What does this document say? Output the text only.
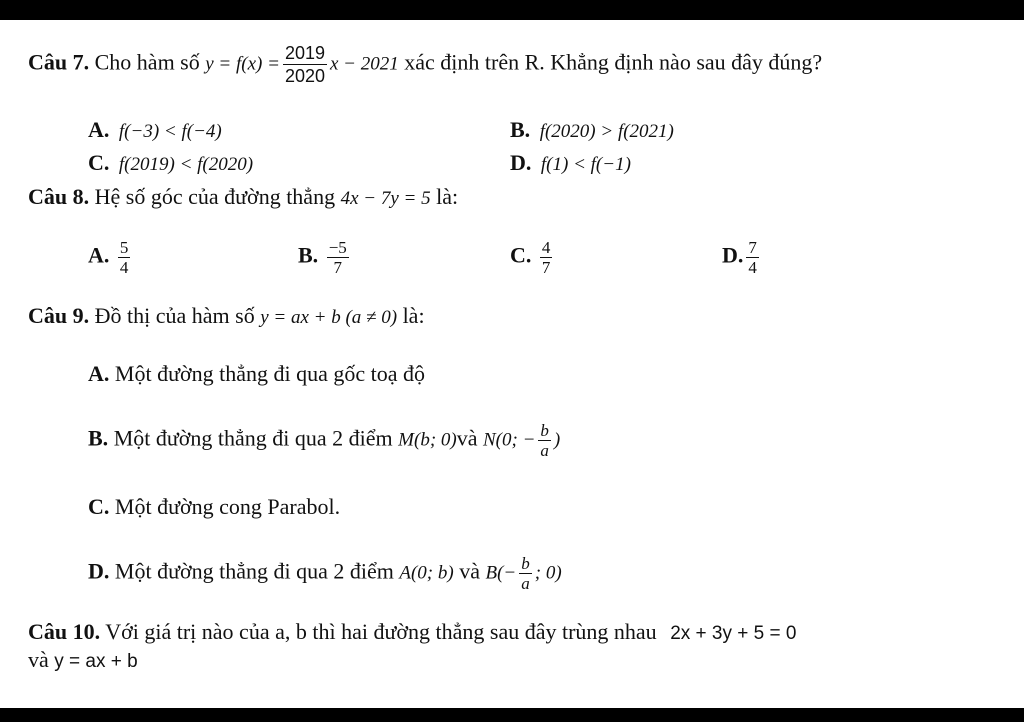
Câu 7. Cho hàm số $y = f(x) = \frac{2019}{2020}$ x − 2021 xác định trên R. Khẳng định nào sau đây đúng?
A. f(−3) < f(−4)	B. f(2020) > f(2021)
C. f(2019) < f(2020)	D. f(1) < f(−1)
Câu 8. Hệ số góc của đường thẳng 4x − 7y = 5 là:
A. $\frac{5}{4}$	B. $\frac{-5}{7}$	C. $\frac{4}{7}$	D. $\frac{7}{4}$
Câu 9. Đồ thị của hàm số y = ax + b (a ≠ 0) là:
A. Một đường thẳng đi qua gốc toạ độ
B. Một đường thẳng đi qua 2 điểm M(b; 0)và N(0; − $\frac{b}{a}$ )
C. Một đường cong Parabol.
D. Một đường thẳng đi qua 2 điểm A(0; b) và $B(- \frac{b}{a}$ ; 0)
Câu 10. Với giá trị nào của a, b thì hai đường thẳng sau đây trùng nhau 2x + 3y + 5 = 0
và y = ax + b
